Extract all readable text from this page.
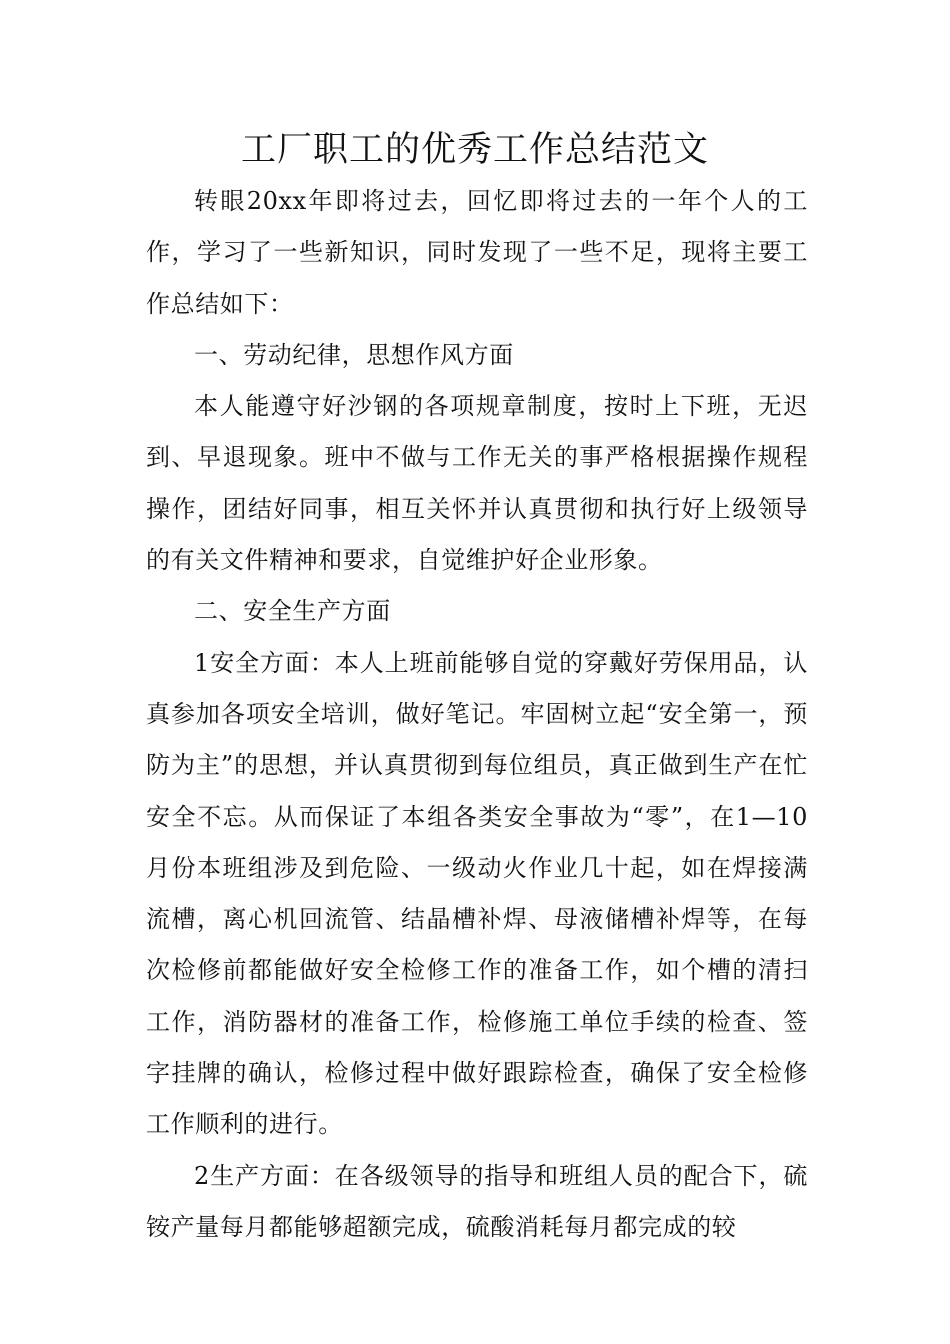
工厂职工的优秀工作总结范文

转眼20xx年即将过去，回忆即将过去的一年个人的工作，学习了一些新知识，同时发现了一些不足，现将主要工作总结如下：

一、劳动纪律，思想作风方面

本人能遵守好沙钢的各项规章制度，按时上下班，无迟到、早退现象。班中不做与工作无关的事严格根据操作规程操作，团结好同事，相互关怀并认真贯彻和执行好上级领导的有关文件精神和要求，自觉维护好企业形象。

二、安全生产方面

1安全方面：本人上班前能够自觉的穿戴好劳保用品，认真参加各项安全培训，做好笔记。牢固树立起“安全第一，预防为主”的思想，并认真贯彻到每位组员，真正做到生产在忙安全不忘。从而保证了本组各类安全事故为“零”，在1—10月份本班组涉及到危险、一级动火作业几十起，如在焊接满流槽，离心机回流管、结晶槽补焊、母液储槽补焊等，在每次检修前都能做好安全检修工作的准备工作，如个槽的清扫工作，消防器材的准备工作，检修施工单位手续的检查、签字挂牌的确认，检修过程中做好跟踪检查，确保了安全检修工作顺利的进行。

2生产方面：在各级领导的指导和班组人员的配合下，硫铵产量每月都能够超额完成，硫酸消耗每月都完成的较
